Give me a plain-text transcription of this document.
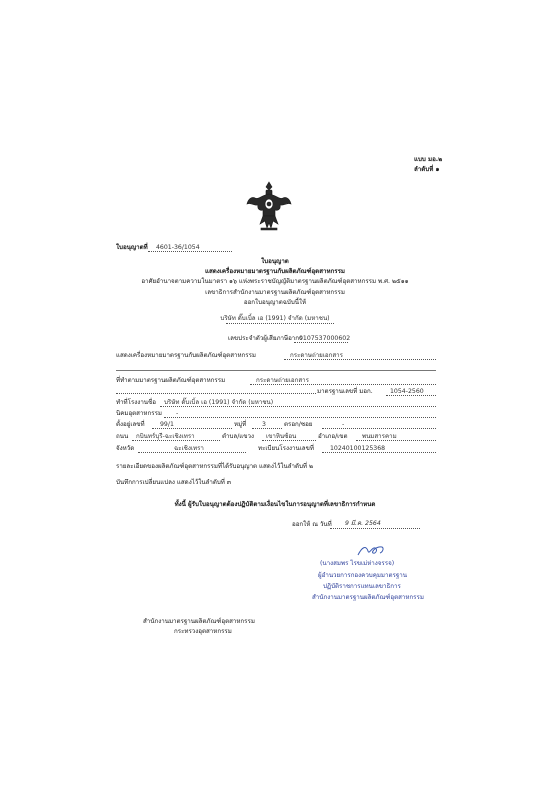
แบบ มอ.๒
ลำดับที่ ๑
ใบอนุญาตที่ 4601-36/1054
ใบอนุญาต
แสดงเครื่องหมายมาตรฐานกับผลิตภัณฑ์อุตสาหกรรม
อาศัยอำนาจตามความในมาตรา ๑๖ แห่งพระราชบัญญัติมาตรฐานผลิตภัณฑ์อุตสาหกรรม พ.ศ. ๒๕๑๑
เลขาธิการสำนักงานมาตรฐานผลิตภัณฑ์อุตสาหกรรม
ออกใบอนุญาตฉบับนี้ให้
บริษัท ดั๊บเบิ้ล เอ (1991) จำกัด (มหาชน)
เลขประจำตัวผู้เสียภาษีอากร
0107537000602
แสดงเครื่องหมายมาตรฐานกับผลิตภัณฑ์อุตสาหกรรม	กระดาษถ่ายเอกสาร
ที่ทำตามมาตรฐานผลิตภัณฑ์อุตสาหกรรม	กระดาษถ่ายเอกสาร
มาตรฐานเลขที่ มอก.	1054-2560
ทำที่โรงงานชื่อ บริษัท ดั๊บเบิ้ล เอ (1991) จำกัด (มหาชน)
นิคมอุตสาหกรรม -
ตั้งอยู่เลขที่ 99/1	หมู่ที่	3	ตรอก/ซอย	-
ถนน กบินทร์บุรี-ฉะเชิงเทรา	ตำบล/แขวง เขาหินซ้อน	อำเภอ/เขต พนมสารคาม
จังหวัด	ฉะเชิงเทรา	ทะเบียนโรงงานเลขที่	10240100125368
รายละเอียดของผลิตภัณฑ์อุตสาหกรรมที่ได้รับอนุญาต แสดงไว้ในลำดับที่ ๒
บันทึกการเปลี่ยนแปลง แสดงไว้ในลำดับที่ ๓
ทั้งนี้ ผู้รับใบอนุญาตต้องปฏิบัติตามเงื่อนไขในการอนุญาตที่เลขาธิการกำหนด
ออกให้ ณ วันที่ 9 มี.ค. 2564
(นางสมพร ไรขเม่ห่างจรรจ)
ผู้อำนวยการกองควบคุมมาตรฐาน
ปฏิบัติราชการแทนเลขาธิการ
สำนักงานมาตรฐานผลิตภัณฑ์อุตสาหกรรม
สำนักงานมาตรฐานผลิตภัณฑ์อุตสาหกรรม
กระทรวงอุตสาหกรรม
